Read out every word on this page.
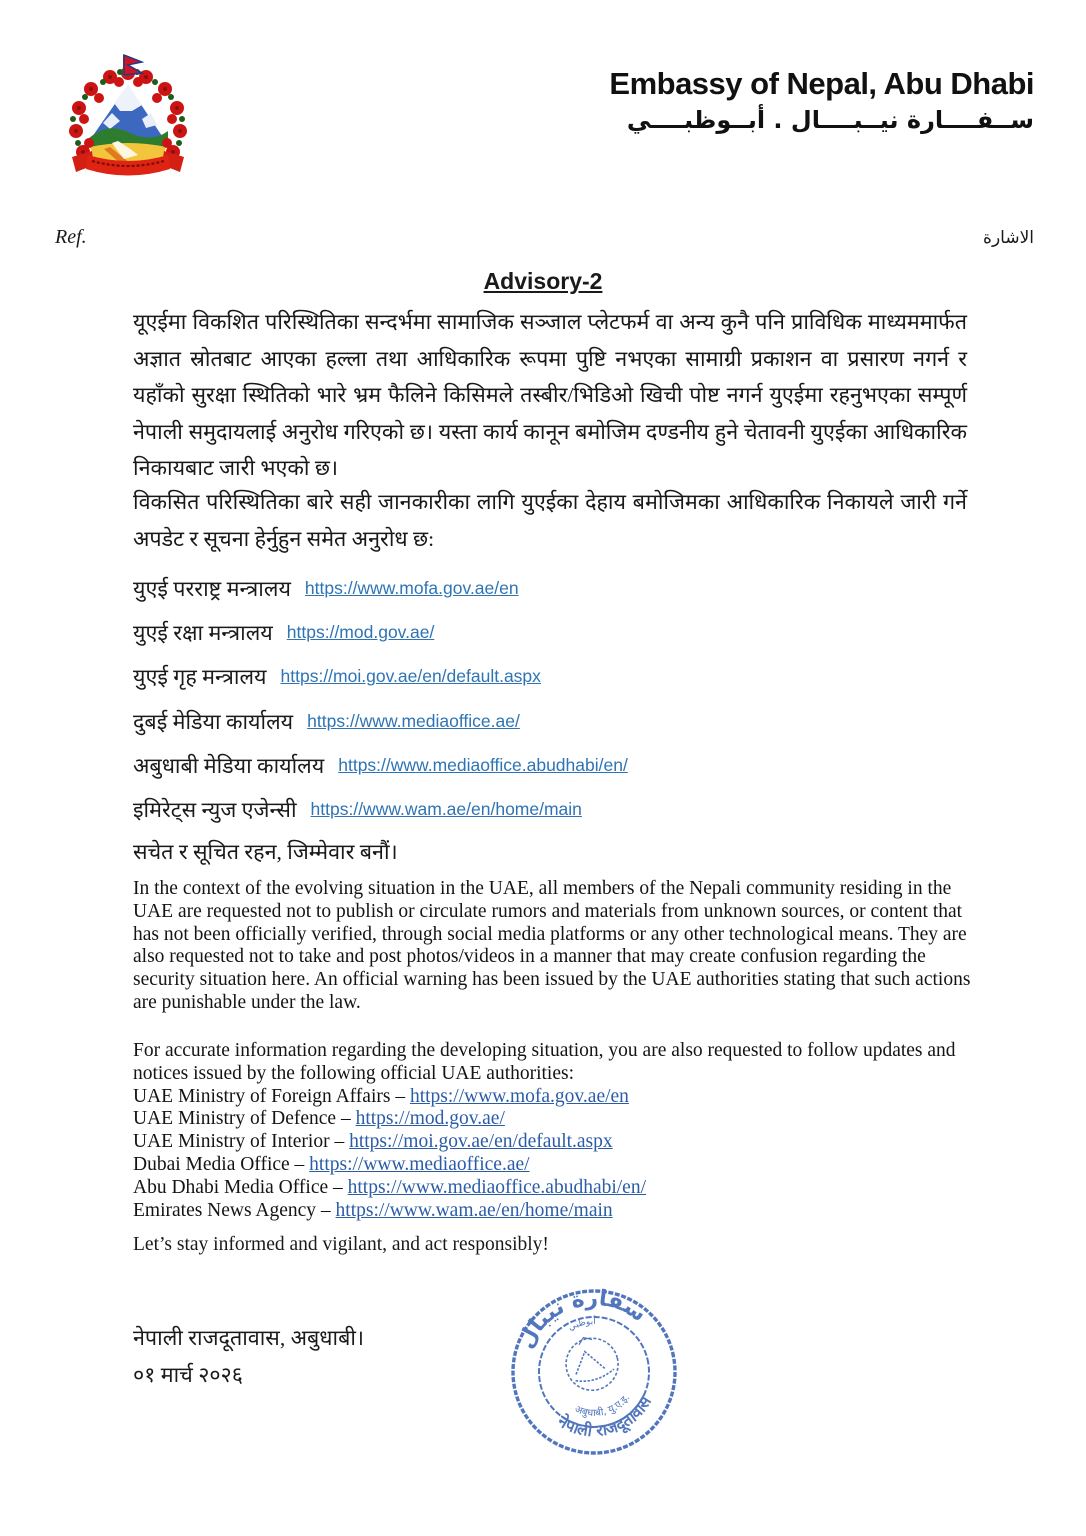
Embassy of Nepal, Abu Dhabi
ســفــــارة نيــبــــال . أبــوظبــــي
Ref.	الاشارة
Advisory-2
यूएईमा विकशित परिस्थितिका सन्दर्भमा सामाजिक सञ्जाल प्लेटफर्म वा अन्य कुनै पनि प्राविधिक माध्यममार्फत अज्ञात स्रोतबाट आएका हल्ला तथा आधिकारिक रूपमा पुष्टि नभएका सामाग्री प्रकाशन वा प्रसारण नगर्न र यहाँको सुरक्षा स्थितिको भारे भ्रम फैलिने किसिमले तस्बीर/भिडिओ खिची पोष्ट नगर्न युएईमा रहनुभएका सम्पूर्ण नेपाली समुदायलाई अनुरोध गरिएको छ। यस्ता कार्य कानून बमोजिम दण्डनीय हुने चेतावनी युएईका आधिकारिक निकायबाट जारी भएको छ।
विकसित परिस्थितिका बारे सही जानकारीका लागि युएईका देहाय बमोजिमका आधिकारिक निकायले जारी गर्ने अपडेट र सूचना हेर्नुहुन समेत अनुरोध छ:
युएई परराष्ट्र मन्त्रालय https://www.mofa.gov.ae/en
युएई रक्षा मन्त्रालय https://mod.gov.ae/
युएई गृह मन्त्रालय https://moi.gov.ae/en/default.aspx
दुबई मेडिया कार्यालय https://www.mediaoffice.ae/
अबुधाबी मेडिया कार्यालय https://www.mediaoffice.abudhabi/en/
इमिरेट्स न्युज एजेन्सी https://www.wam.ae/en/home/main
सचेत र सूचित रहन, जिम्मेवार बनौं।
In the context of the evolving situation in the UAE, all members of the Nepali community residing in the UAE are requested not to publish or circulate rumors and materials from unknown sources, or content that has not been officially verified, through social media platforms or any other technological means. They are also requested not to take and post photos/videos in a manner that may create confusion regarding the security situation here. An official warning has been issued by the UAE authorities stating that such actions are punishable under the law.
For accurate information regarding the developing situation, you are also requested to follow updates and notices issued by the following official UAE authorities:
UAE Ministry of Foreign Affairs – https://www.mofa.gov.ae/en
UAE Ministry of Defence – https://mod.gov.ae/
UAE Ministry of Interior – https://moi.gov.ae/en/default.aspx
Dubai Media Office – https://www.mediaoffice.ae/
Abu Dhabi Media Office – https://www.mediaoffice.abudhabi/en/
Emirates News Agency – https://www.wam.ae/en/home/main
Let’s stay informed and vigilant, and act responsibly!
नेपाली राजदूतावास, अबुधाबी।
०१ मार्च २०२६
سفارة نيبال
أبوظبي
नेपाली राजदूतावास
अबुधाबी, यु.ए.इ.
